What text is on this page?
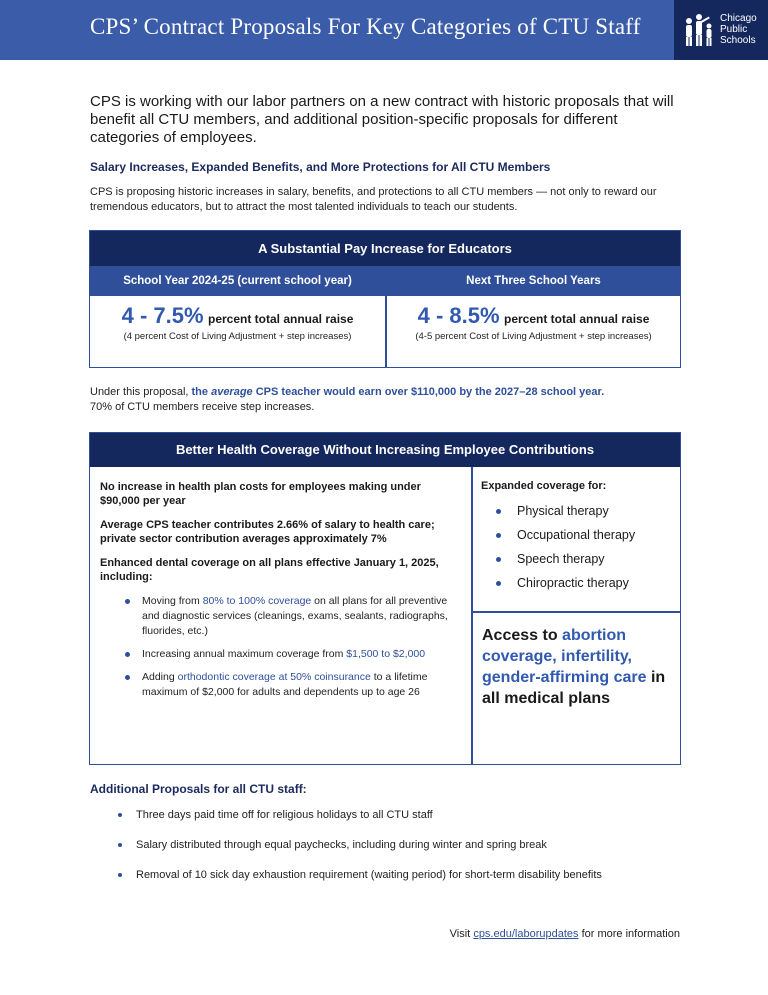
CPS’ Contract Proposals For Key Categories of CTU Staff	Chicago
Public
Schools
CPS is working with our labor partners on a new contract with historic proposals that will benefit all CTU members, and additional position-specific proposals for different categories of employees.
Salary Increases, Expanded Benefits, and More Protections for All CTU Members
CPS is proposing historic increases in salary, benefits, and protections to all CTU members — not only to reward our tremendous educators, but to attract the most talented individuals to teach our students.
A Substantial Pay Increase for Educators
School Year 2024-25 (current school year)	Next Three School Years
4 - 7.5% percent total annual raise
(4 percent Cost of Living Adjustment + step increases)
4 - 8.5% percent total annual raise
(4-5 percent Cost of Living Adjustment + step increases)
Under this proposal, the average CPS teacher would earn over $110,000 by the 2027–28 school year.
70% of CTU members receive step increases.
Better Health Coverage Without Increasing Employee Contributions
No increase in health plan costs for employees making under $90,000 per year
Average CPS teacher contributes 2.66% of salary to health care; private sector contribution averages approximately 7%
Enhanced dental coverage on all plans effective January 1, 2025, including:
Moving from 80% to 100% coverage on all plans for all preventive and diagnostic services (cleanings, exams, sealants, radiographs, fluorides, etc.)
Increasing annual maximum coverage from $1,500 to $2,000
Adding orthodontic coverage at 50% coinsurance to a lifetime maximum of $2,000 for adults and dependents up to age 26
Expanded coverage for:
Physical therapy
Occupational therapy
Speech therapy
Chiropractic therapy
Access to abortion coverage, infertility, gender-affirming care in all medical plans
Additional Proposals for all CTU staff:
Three days paid time off for religious holidays to all CTU staff
Salary distributed through equal paychecks, including during winter and spring break
Removal of 10 sick day exhaustion requirement (waiting period) for short-term disability benefits
Visit cps.edu/laborupdates for more information
